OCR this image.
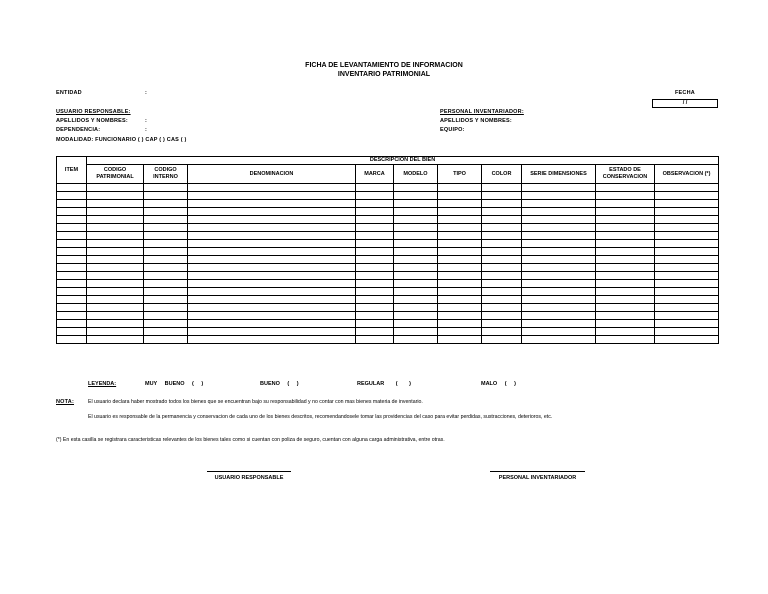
FICHA DE LEVANTAMIENTO DE INFORMACION
INVENTARIO PATRIMONIAL
ENTIDAD	:	FECHA
/ /
USUARIO RESPONSABLE:
APELLIDOS Y NOMBRES:	:
DEPENDENCIA:	:
MODALIDAD: FUNCIONARIO ( ) CAP ( ) CAS ( )
PERSONAL INVENTARIADOR:
APELLIDOS Y NOMBRES:
EQUIPO:
ITEM	DESCRIPCION DEL BIEN									
	CODIGO PATRIMONIAL	CODIGO INTERNO	DENOMINACION	MARCA	MODELO	TIPO	COLOR	SERIE DIMENSIONES	ESTADO DE CONSERVACION	OBSERVACION (*)

LEYENDA:	MUY BUENO ( )	BUENO ( )	REGULAR ( )	MALO ( )
NOTA:	El usuario declara haber mostrado todos los bienes que se encuentran bajo su responsabilidad y no contar con mas bienes materia de inventario.
El usuario es responsable de la permanencia y conservacion de cada uno de los bienes descritos, recomendandosele tomar las providencias del caso para evitar perdidas, sustracciones, deterioros, etc.
(*) En esta casilla se registrara caracteristicas relevantes de los bienes tales como si cuentan con poliza de seguro, cuentan con alguna carga administrativa, entre otras.
USUARIO RESPONSABLE	PERSONAL INVENTARIADOR
